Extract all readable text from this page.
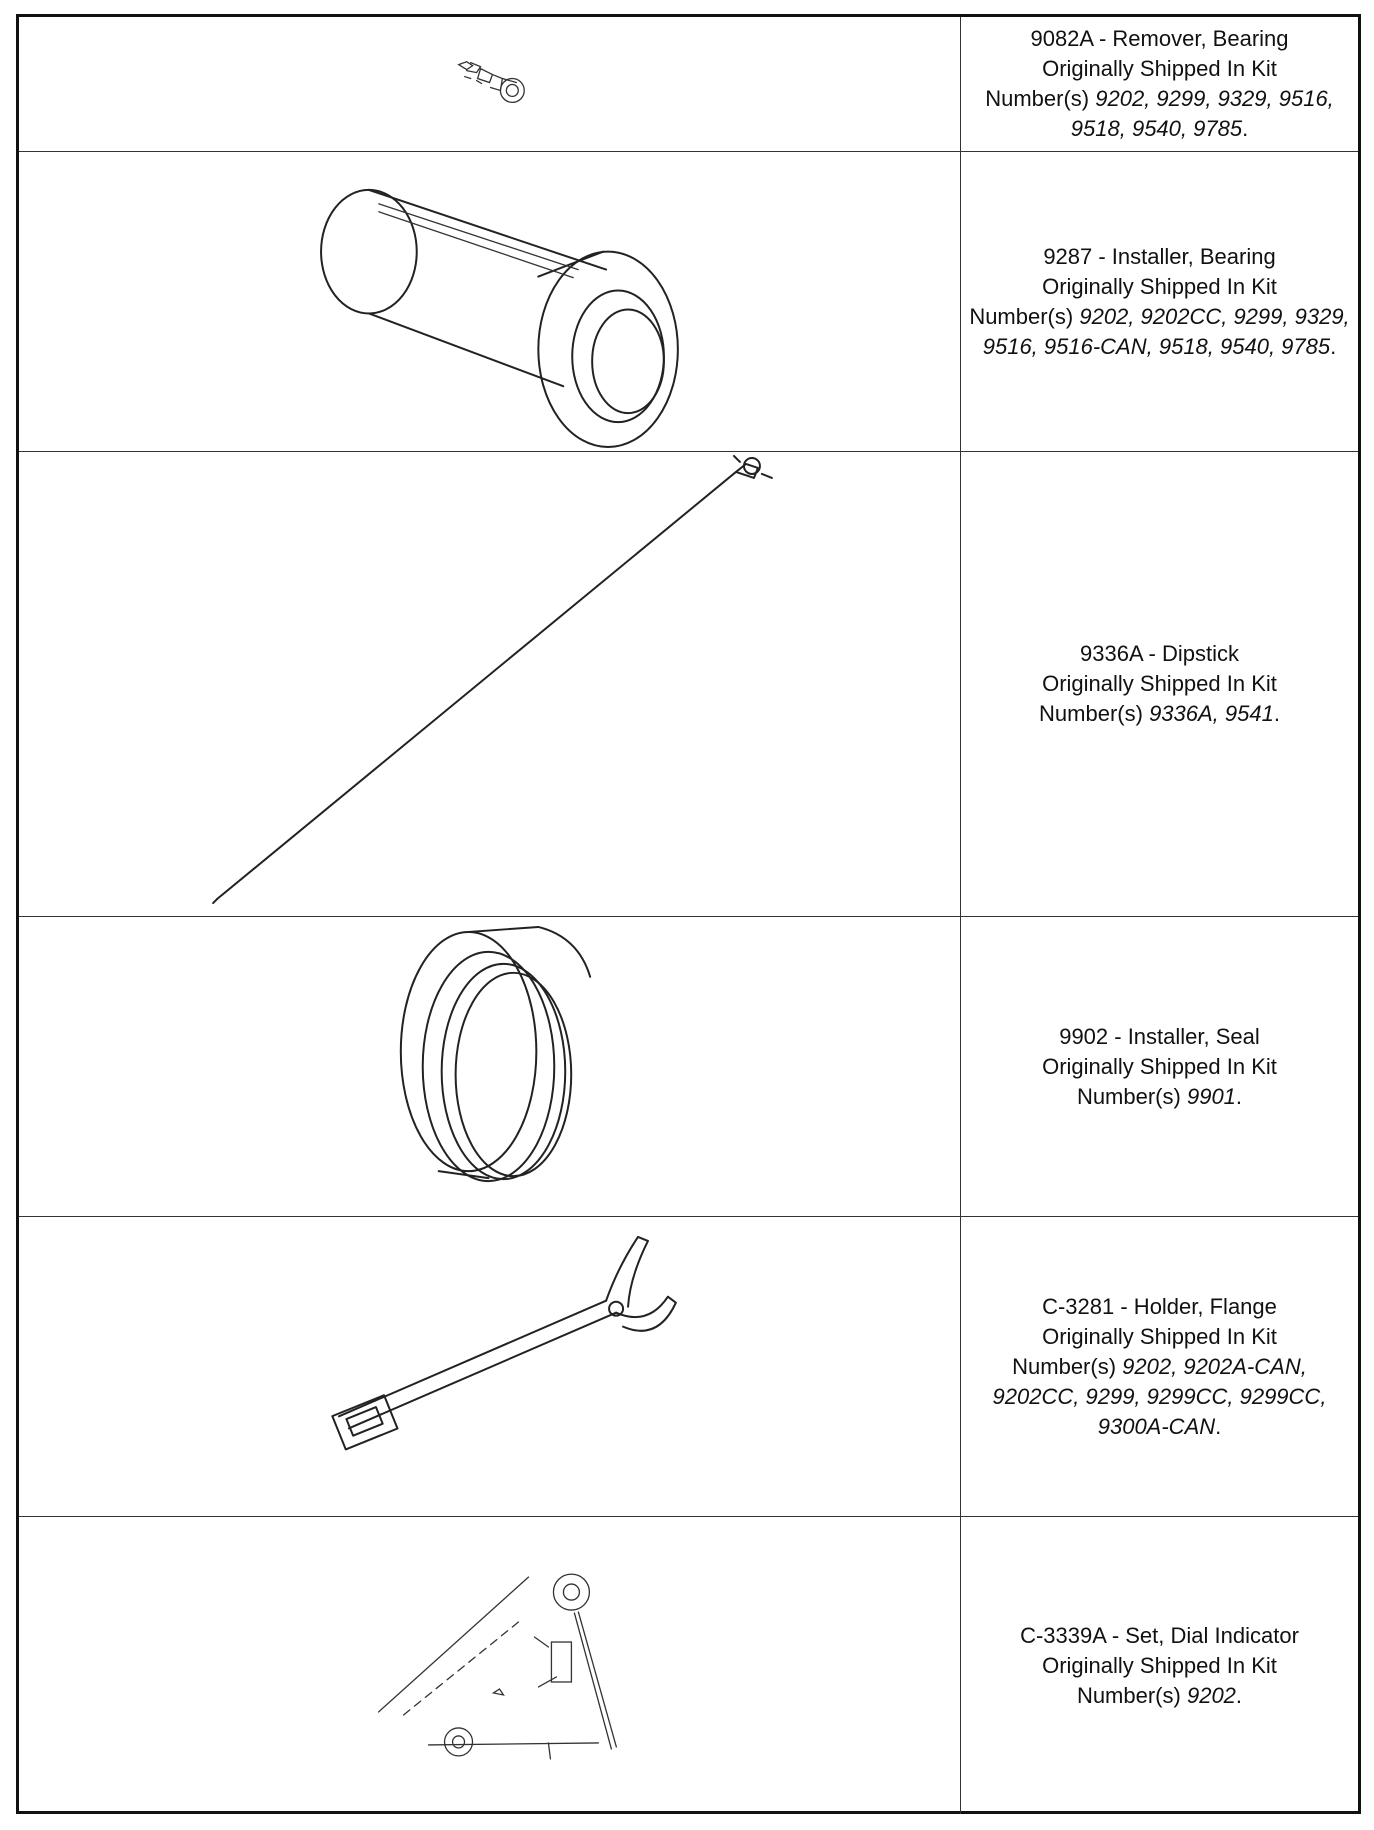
9082A - Remover, Bearing
Originally Shipped In Kit
Number(s) 9202, 9299, 9329, 9516, 9518, 9540, 9785.
9287 - Installer, Bearing
Originally Shipped In Kit
Number(s) 9202, 9202CC, 9299, 9329, 9516, 9516-CAN, 9518, 9540, 9785.
9336A - Dipstick
Originally Shipped In Kit
Number(s) 9336A, 9541.
9902 - Installer, Seal
Originally Shipped In Kit
Number(s) 9901.
C-3281 - Holder, Flange
Originally Shipped In Kit
Number(s) 9202, 9202A-CAN, 9202CC, 9299, 9299CC, 9299CC, 9300A-CAN.
C-3339A - Set, Dial Indicator
Originally Shipped In Kit
Number(s) 9202.
